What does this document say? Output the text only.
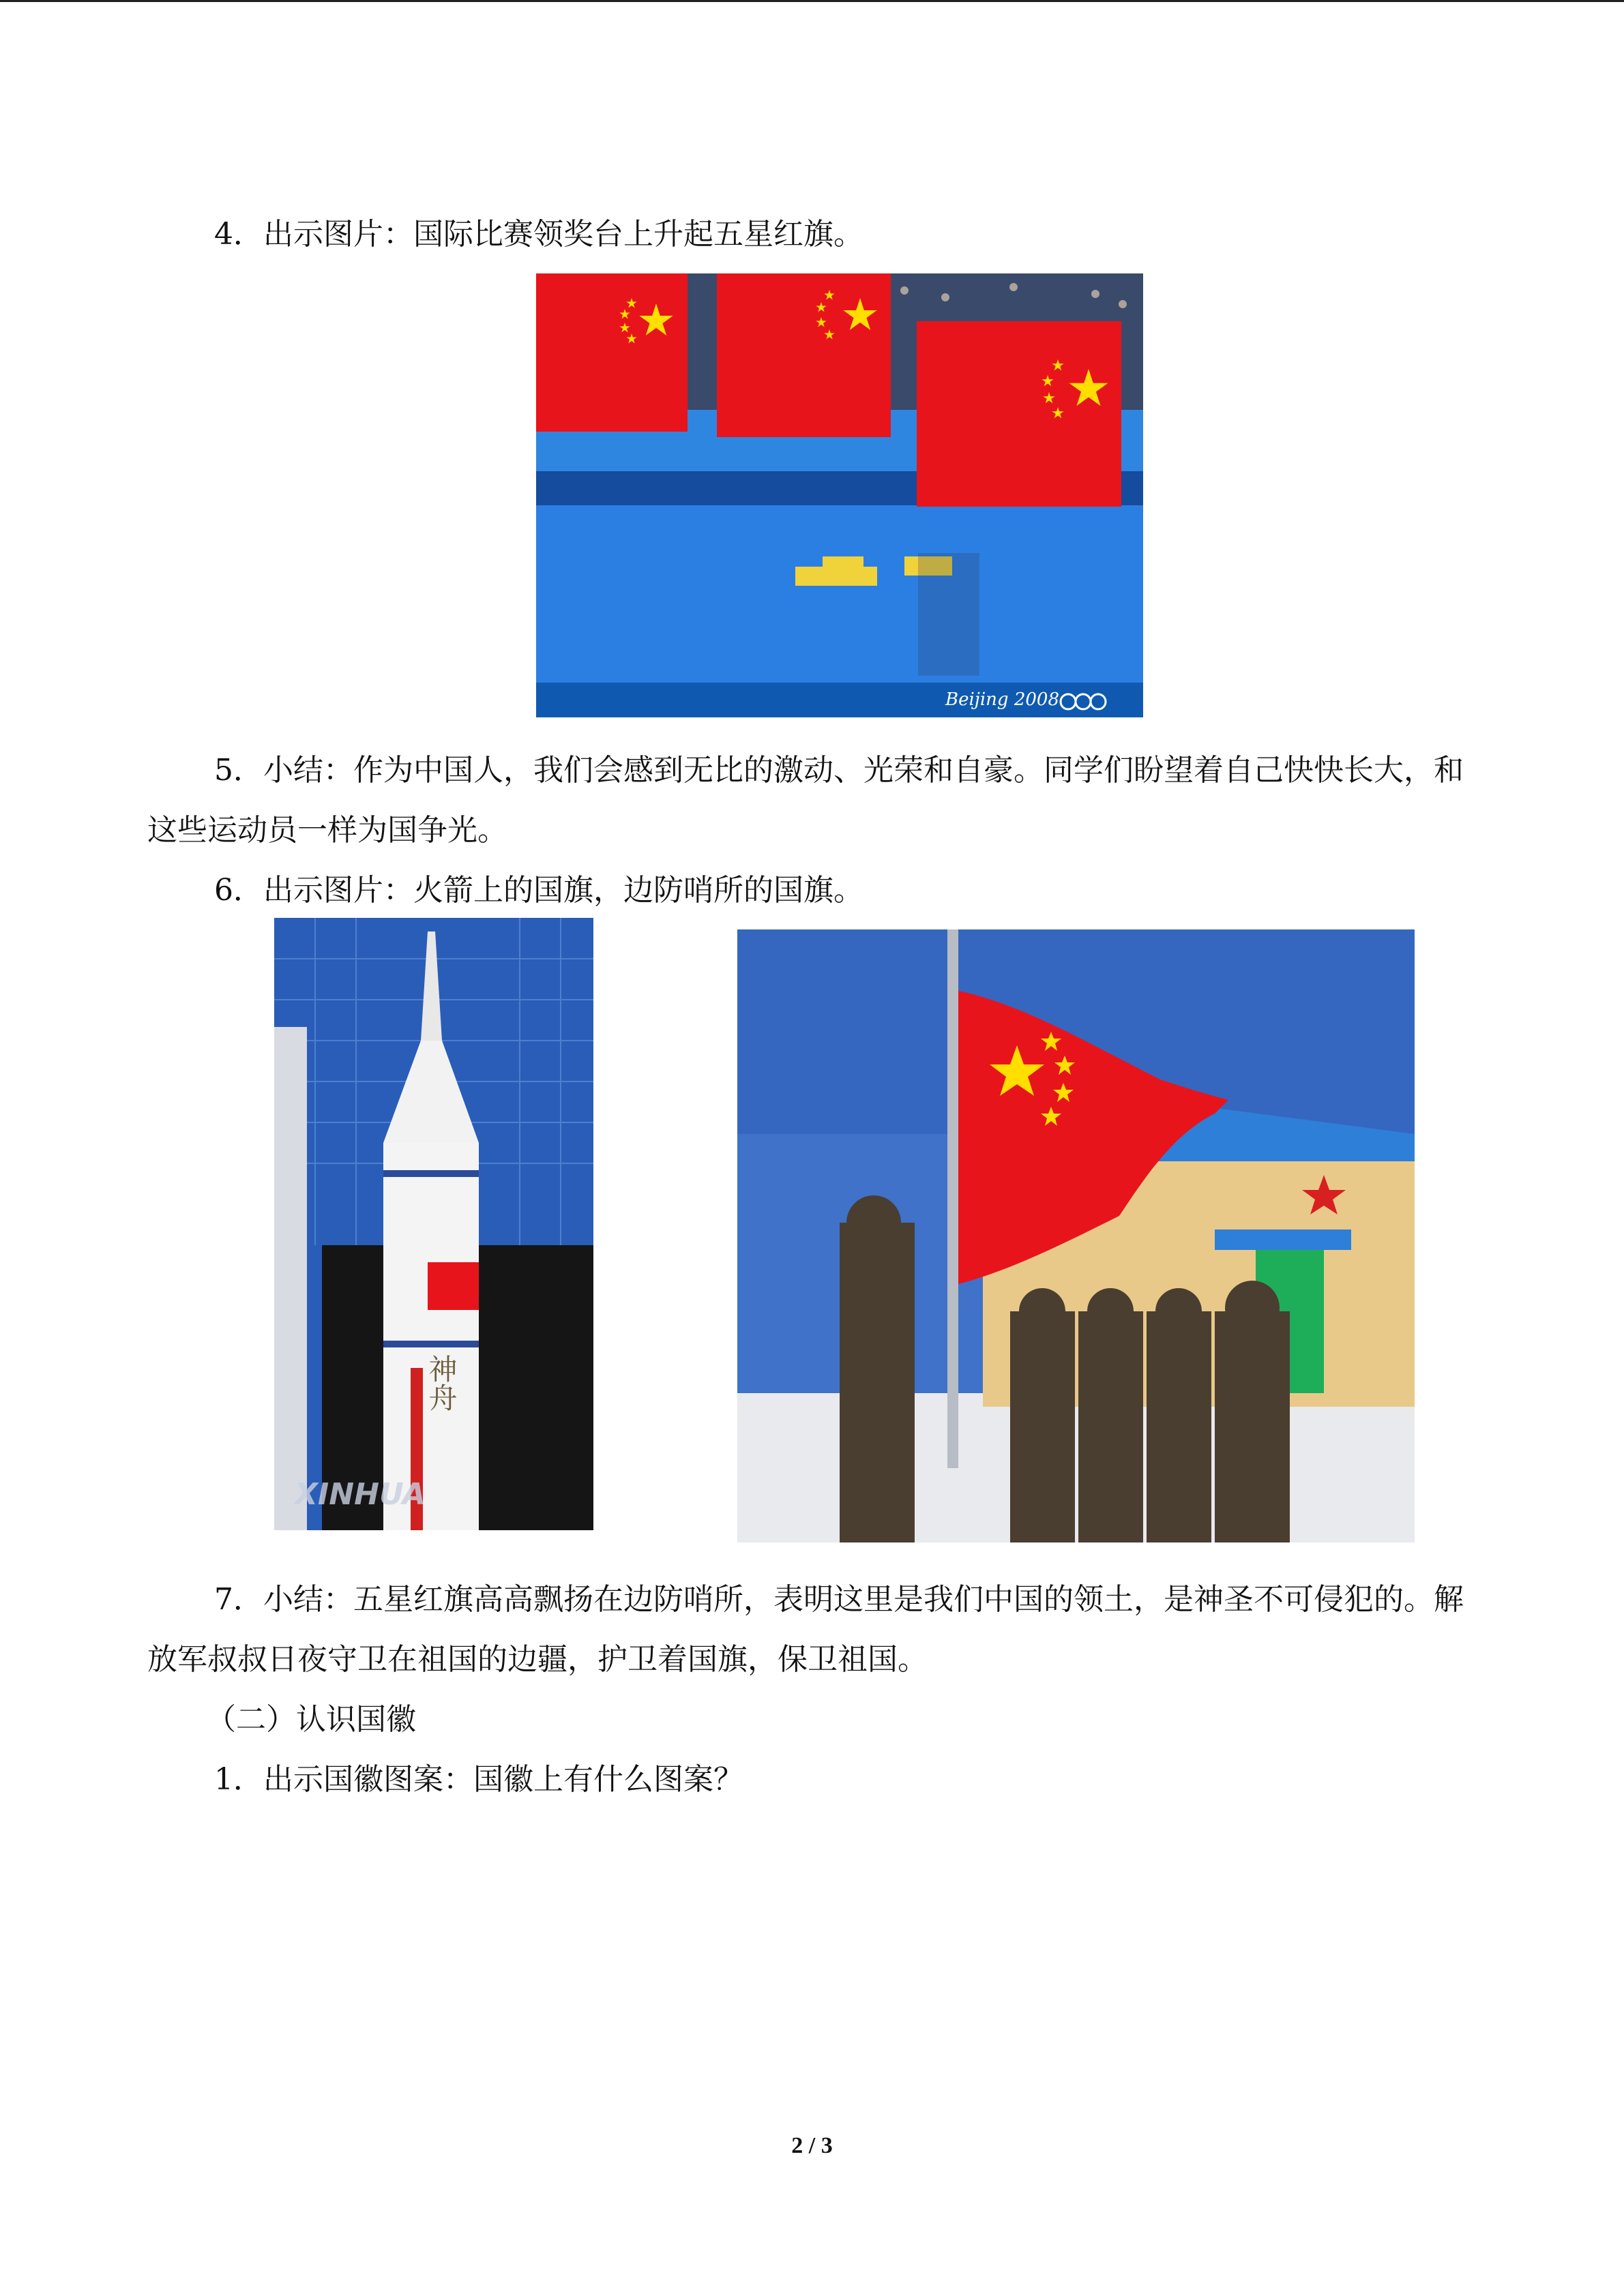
4．出示图片：国际比赛领奖台上升起五星红旗。

Beijing 2008

5．小结：作为中国人，我们会感到无比的激动、光荣和自豪。同学们盼望着自己快快长大，和这些运动员一样为国争光。

6．出示图片：火箭上的国旗，边防哨所的国旗。

神舟
XINHUA

7．小结：五星红旗高高飘扬在边防哨所，表明这里是我们中国的领土，是神圣不可侵犯的。解放军叔叔日夜守卫在祖国的边疆，护卫着国旗，保卫祖国。

（二）认识国徽

1．出示国徽图案：国徽上有什么图案？

2 / 3
